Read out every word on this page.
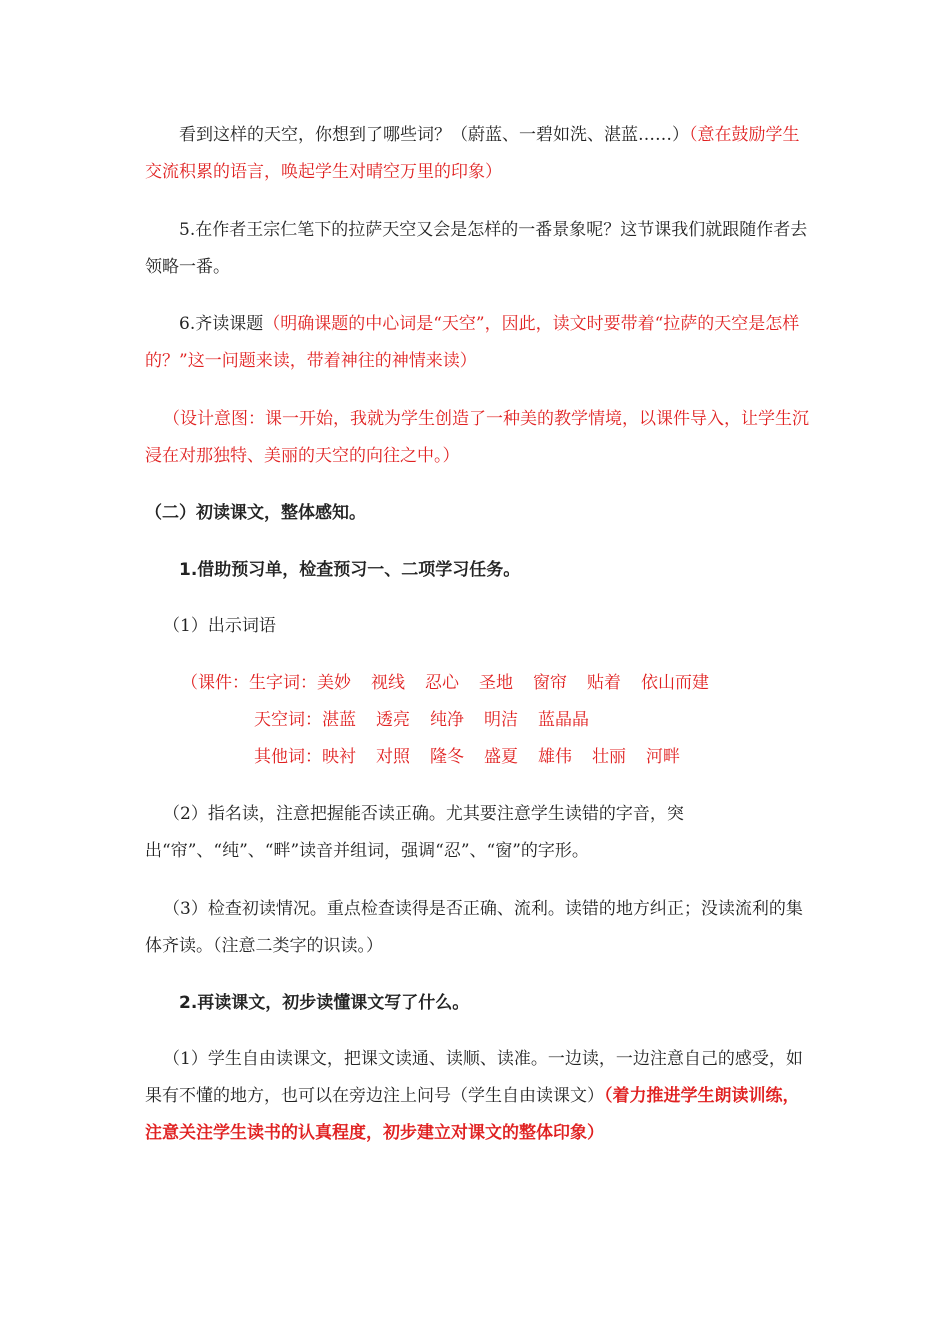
看到这样的天空，你想到了哪些词？（蔚蓝、一碧如洗、湛蓝……）（意在鼓励学生交流积累的语言，唤起学生对晴空万里的印象）

5.在作者王宗仁笔下的拉萨天空又会是怎样的一番景象呢？这节课我们就跟随作者去领略一番。

6.齐读课题（明确课题的中心词是“天空”，因此，读文时要带着“拉萨的天空是怎样的？”这一问题来读，带着神往的神情来读）

（设计意图：课一开始，我就为学生创造了一种美的教学情境，以课件导入，让学生沉浸在对那独特、美丽的天空的向往之中。）

（二）初读课文，整体感知。

1.借助预习单，检查预习一、二项学习任务。

（1）出示词语

（课件：生字词：美妙 视线 忍心 圣地 窗帘 贴着 依山而建
天空词：湛蓝 透亮 纯净 明洁 蓝晶晶
其他词：映衬 对照 隆冬 盛夏 雄伟 壮丽 河畔

（2）指名读，注意把握能否读正确。尤其要注意学生读错的字音，突出“帘”、“纯”、“畔”读音并组词，强调“忍”、“窗”的字形。

（3）检查初读情况。重点检查读得是否正确、流利。读错的地方纠正；没读流利的集体齐读。（注意二类字的识读。）

2.再读课文，初步读懂课文写了什么。

（1）学生自由读课文，把课文读通、读顺、读准。一边读，一边注意自己的感受，如果有不懂的地方，也可以在旁边注上问号（学生自由读课文）（着力推进学生朗读训练，注意关注学生读书的认真程度，初步建立对课文的整体印象）
